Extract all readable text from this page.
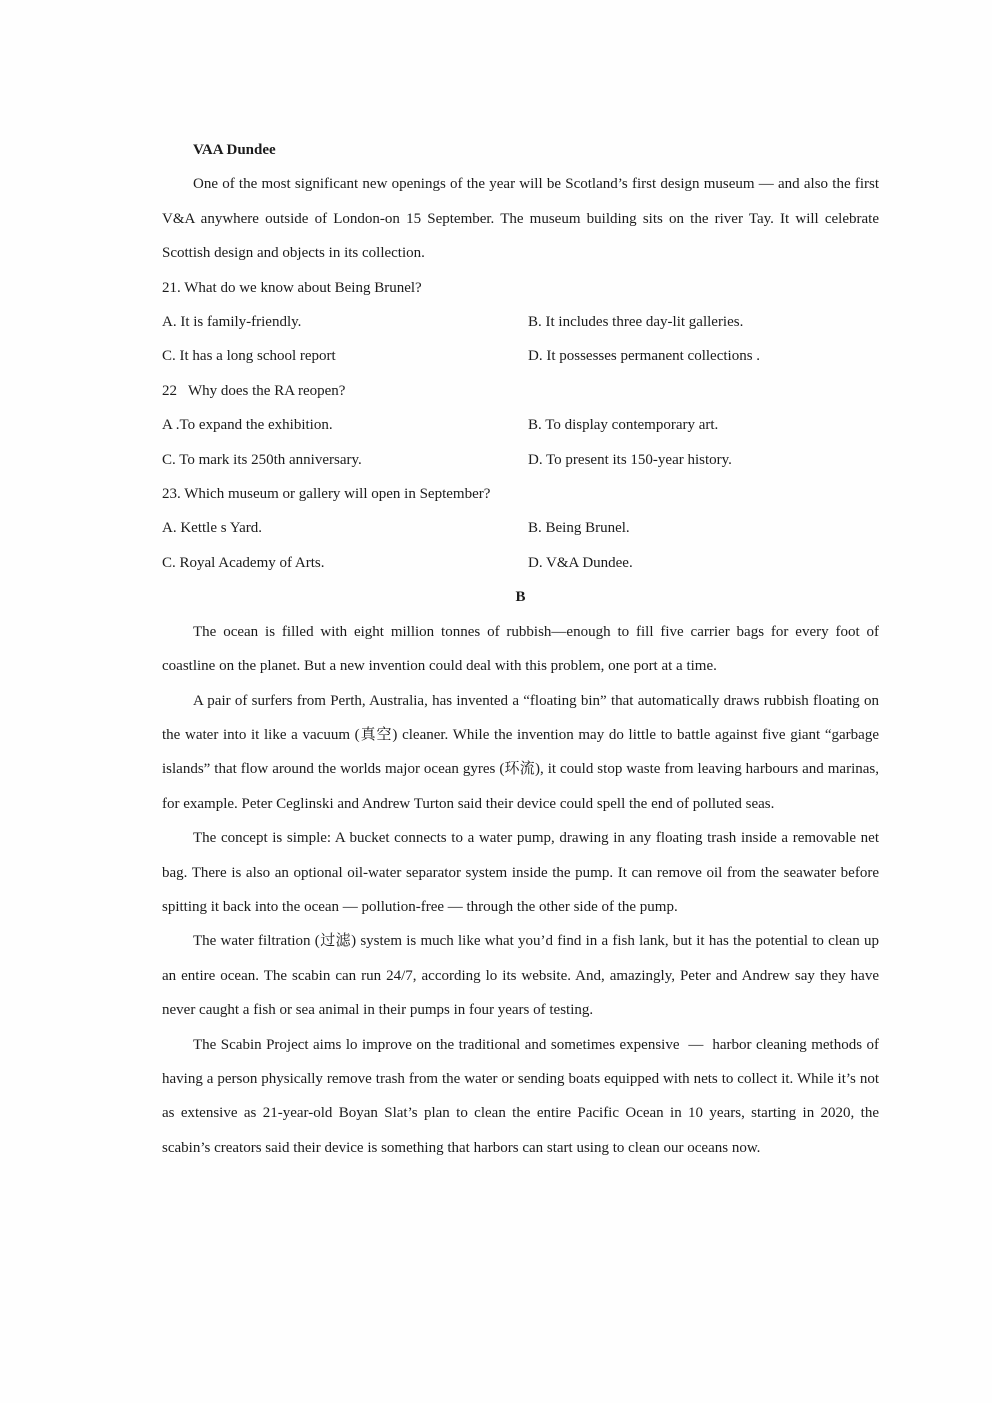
VAA Dundee

One of the most significant new openings of the year will be Scotland’s first design museum — and also the first V&A anywhere outside of London-on 15 September. The museum building sits on the river Tay. It will celebrate Scottish design and objects in its collection.

21. What do we know about Being Brunel?
A. It is family-friendly.	B. It includes three day-lit galleries.
C. It has a long school report	D. It possesses permanent collections .
22   Why does the RA reopen?
A .To expand the exhibition.	B. To display contemporary art.
C. To mark its 250th anniversary.	D. To present its 150-year history.
23. Which museum or gallery will open in September?
A. Kettle s Yard.	B. Being Brunel.
C. Royal Academy of Arts.	D. V&A Dundee.
B

The ocean is filled with eight million tonnes of rubbish—enough to fill five carrier bags for every foot of coastline on the planet. But a new invention could deal with this problem, one port at a time.

A pair of surfers from Perth, Australia, has invented a “floating bin” that automatically draws rubbish floating on the water into it like a vacuum (真空) cleaner. While the invention may do little to battle against five giant “garbage islands” that flow around the worlds major ocean gyres (环流), it could stop waste from leaving harbours and marinas, for example. Peter Ceglinski and Andrew Turton said their device could spell the end of polluted seas.

The concept is simple: A bucket connects to a water pump, drawing in any floating trash inside a removable net bag. There is also an optional oil-water separator system inside the pump. It can remove oil from the seawater before spitting it back into the ocean — pollution-free — through the other side of the pump.

The water filtration (过滤) system is much like what you’d find in a fish lank, but it has the potential to clean up an entire ocean. The scabin can run 24/7, according lo its website. And, amazingly, Peter and Andrew say they have never caught a fish or sea animal in their pumps in four years of testing.

The Scabin Project aims lo improve on the traditional and sometimes expensive  —  harbor cleaning methods of having a person physically remove trash from the water or sending boats equipped with nets to collect it. While it’s not as extensive as 21-year-old Boyan Slat’s plan to clean the entire Pacific Ocean in 10 years, starting in 2020, the scabin’s creators said their device is something that harbors can start using to clean our oceans now.
